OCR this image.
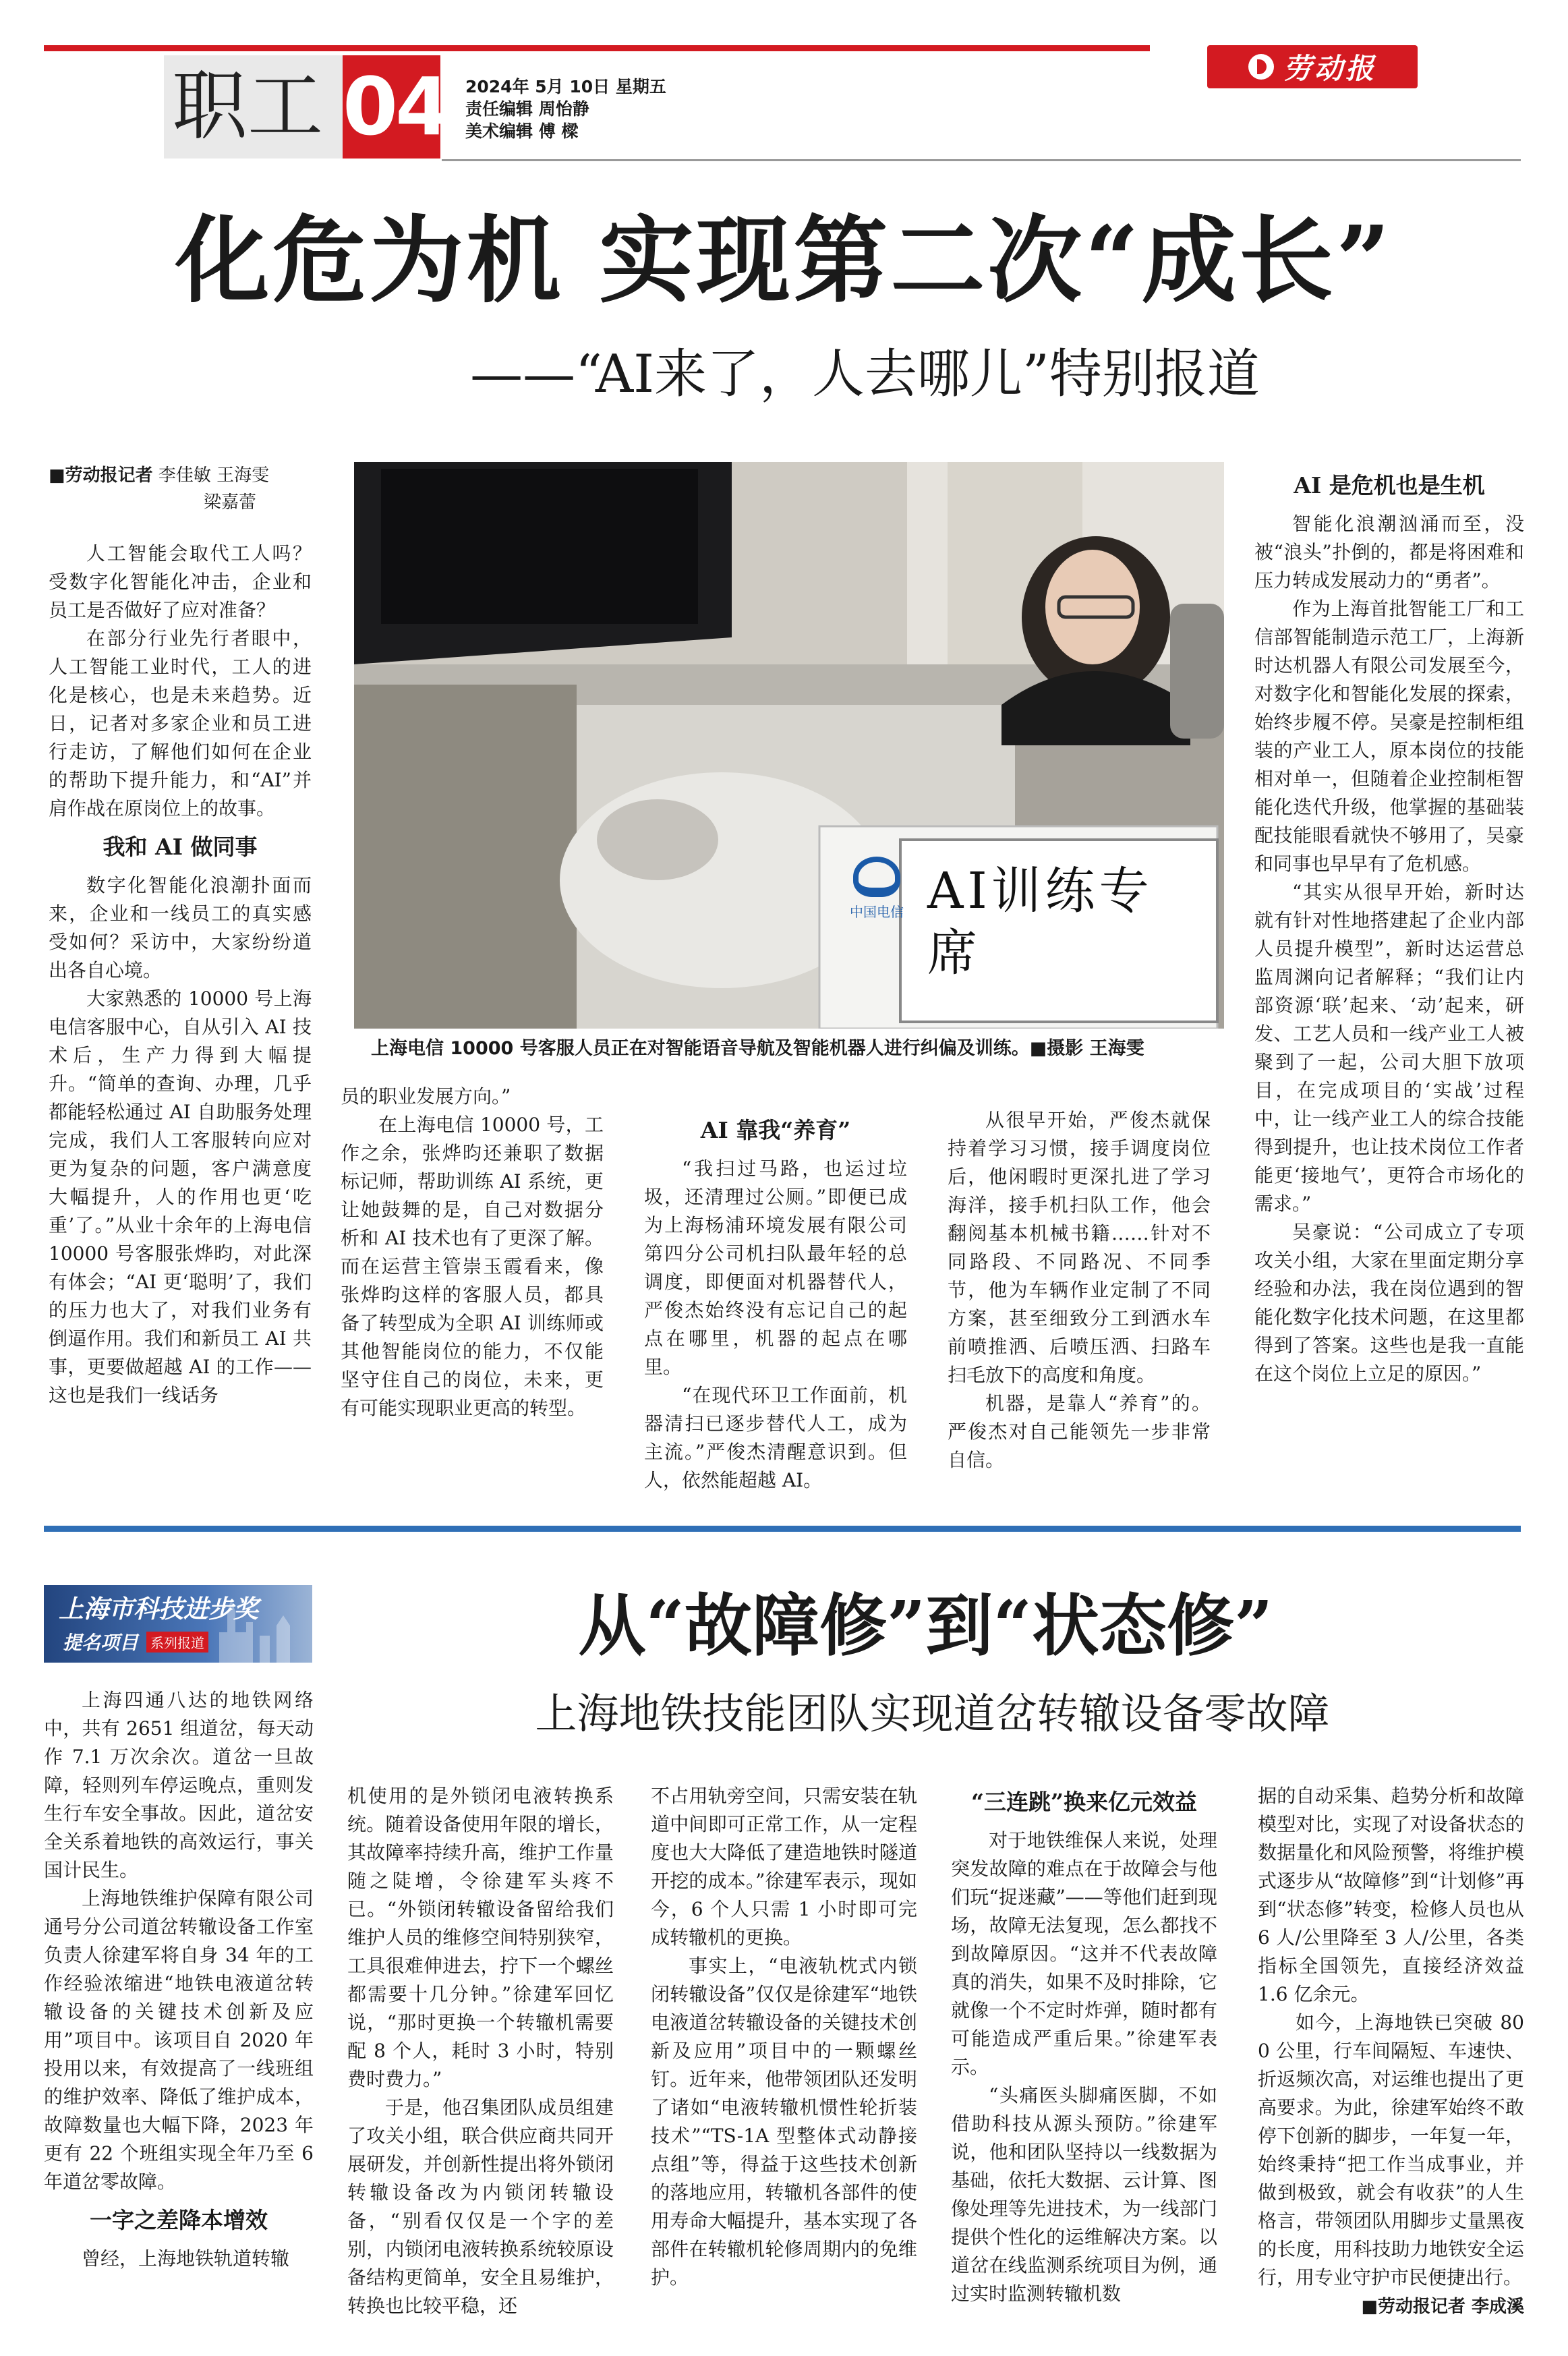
职工 04 2024年 5月 10日 星期五
责任编辑 周怡静
美术编辑 傅 樑
劳动报
化危为机 实现第二次“成长”
——“AI来了，人去哪儿”特别报道
■劳动报记者 李佳敏 王海雯
梁嘉蕾

人工智能会取代工人吗？受数字化智能化冲击，企业和员工是否做好了应对准备？

在部分行业先行者眼中，人工智能工业时代，工人的进化是核心，也是未来趋势。近日，记者对多家企业和员工进行走访，了解他们如何在企业的帮助下提升能力，和“AI”并肩作战在原岗位上的故事。

我和 AI 做同事

数字化智能化浪潮扑面而来，企业和一线员工的真实感受如何？采访中，大家纷纷道出各自心境。

大家熟悉的 10000 号上海电信客服中心，自从引入 AI 技术后，生产力得到大幅提升。“简单的查询、办理，几乎都能轻松通过 AI 自助服务处理完成，我们人工客服转向应对更为复杂的问题，客户满意度大幅提升，人的作用也更‘吃重’了。”从业十余年的上海电信 10000 号客服张烨昀，对此深有体会；“AI 更‘聪明’了，我们的压力也大了，对我们业务有倒逼作用。我们和新员工 AI 共事，更要做超越 AI 的工作——这也是我们一线话务

中国电信 AI训练专席
上海电信 10000 号客服人员正在对智能语音导航及智能机器人进行纠偏及训练。■摄影 王海雯

员的职业发展方向。”

在上海电信 10000 号，工作之余，张烨昀还兼职了数据标记师，帮助训练 AI 系统，更让她鼓舞的是，自己对数据分析和 AI 技术也有了更深了解。而在运营主管崇玉霞看来，像张烨昀这样的客服人员，都具备了转型成为全职 AI 训练师或其他智能岗位的能力，不仅能坚守住自己的岗位，未来，更有可能实现职业更高的转型。

AI 靠我“养育”

“我扫过马路，也运过垃圾，还清理过公厕。”即便已成为上海杨浦环境发展有限公司第四分公司机扫队最年轻的总调度，即便面对机器替代人，严俊杰始终没有忘记自己的起点在哪里，机器的起点在哪里。

“在现代环卫工作面前，机器清扫已逐步替代人工，成为主流。”严俊杰清醒意识到。但人，依然能超越 AI。

从很早开始，严俊杰就保持着学习习惯，接手调度岗位后，他闲暇时更深扎进了学习海洋，接手机扫队工作，他会翻阅基本机械书籍……针对不同路段、不同路况、不同季节，他为车辆作业定制了不同方案，甚至细致分工到洒水车前喷推洒、后喷压洒、扫路车扫毛放下的高度和角度。

机器，是靠人“养育”的。严俊杰对自己能领先一步非常自信。

AI 是危机也是生机

智能化浪潮汹涌而至，没被“浪头”扑倒的，都是将困难和压力转成发展动力的“勇者”。

作为上海首批智能工厂和工信部智能制造示范工厂，上海新时达机器人有限公司发展至今，对数字化和智能化发展的探索，始终步履不停。吴豪是控制柜组装的产业工人，原本岗位的技能相对单一，但随着企业控制柜智能化迭代升级，他掌握的基础装配技能眼看就快不够用了，吴豪和同事也早早有了危机感。

“其实从很早开始，新时达就有针对性地搭建起了企业内部人员提升模型”，新时达运营总监周渊向记者解释；“我们让内部资源‘联’起来、‘动’起来，研发、工艺人员和一线产业工人被聚到了一起，公司大胆下放项目，在完成项目的‘实战’过程中，让一线产业工人的综合技能得到提升，也让技术岗位工作者能更‘接地气’，更符合市场化的需求。”

吴豪说：“公司成立了专项攻关小组，大家在里面定期分享经验和办法，我在岗位遇到的智能化数字化技术问题，在这里都得到了答案。这些也是我一直能在这个岗位上立足的原因。”

上海市科技进步奖
提名项目 系列报道	从“故障修”到“状态修”
上海地铁技能团队实现道岔转辙设备零故障

上海四通八达的地铁网络中，共有 2651 组道岔，每天动作 7.1 万次余次。道岔一旦故障，轻则列车停运晚点，重则发生行车安全事故。因此，道岔安全关系着地铁的高效运行，事关国计民生。

上海地铁维护保障有限公司通号分公司道岔转辙设备工作室负责人徐建军将自身 34 年的工作经验浓缩进“地铁电液道岔转辙设备的关键技术创新及应用”项目中。该项目自 2020 年投用以来，有效提高了一线班组的维护效率、降低了维护成本，故障数量也大幅下降，2023 年更有 22 个班组实现全年乃至 6 年道岔零故障。

一字之差降本增效

曾经，上海地铁轨道转辙

机使用的是外锁闭电液转换系统。随着设备使用年限的增长，其故障率持续升高，维护工作量随之陡增，令徐建军头疼不已。“外锁闭转辙设备留给我们维护人员的维修空间特别狭窄，工具很难伸进去，拧下一个螺丝都需要十几分钟。”徐建军回忆说，“那时更换一个转辙机需要配 8 个人，耗时 3 小时，特别费时费力。”

于是，他召集团队成员组建了攻关小组，联合供应商共同开展研发，并创新性提出将外锁闭转辙设备改为内锁闭转辙设备，“别看仅仅是一个字的差别，内锁闭电液转换系统较原设备结构更简单，安全且易维护，转换也比较平稳，还

不占用轨旁空间，只需安装在轨道中间即可正常工作，从一定程度也大大降低了建造地铁时隧道开挖的成本。”徐建军表示，现如今，6 个人只需 1 小时即可完成转辙机的更换。

事实上，“电液轨枕式内锁闭转辙设备”仅仅是徐建军“地铁电液道岔转辙设备的关键技术创新及应用”项目中的一颗螺丝钉。近年来，他带领团队还发明了诸如“电液转辙机惯性轮折装技术”“TS-1A 型整体式动静接点组”等，得益于这些技术创新的落地应用，转辙机各部件的使用寿命大幅提升，基本实现了各部件在转辙机轮修周期内的免维护。

“三连跳”换来亿元效益

对于地铁维保人来说，处理突发故障的难点在于故障会与他们玩“捉迷藏”——等他们赶到现场，故障无法复现，怎么都找不到故障原因。“这并不代表故障真的消失，如果不及时排除，它就像一个不定时炸弹，随时都有可能造成严重后果。”徐建军表示。

“头痛医头脚痛医脚，不如借助科技从源头预防。”徐建军说，他和团队坚持以一线数据为基础，依托大数据、云计算、图像处理等先进技术，为一线部门提供个性化的运维解决方案。以道岔在线监测系统项目为例，通过实时监测转辙机数

据的自动采集、趋势分析和故障模型对比，实现了对设备状态的数据量化和风险预警，将维护模式逐步从“故障修”到“计划修”再到“状态修”转变，检修人员也从 6 人/公里降至 3 人/公里，各类指标全国领先，直接经济效益 1.6 亿余元。

如今，上海地铁已突破 800 公里，行车间隔短、车速快、折返频次高，对运维也提出了更高要求。为此，徐建军始终不敢停下创新的脚步，一年复一年，始终秉持“把工作当成事业，并做到极致，就会有收获”的人生格言，带领团队用脚步丈量黑夜的长度，用科技助力地铁安全运行，用专业守护市民便捷出行。

■劳动报记者 李成溪
